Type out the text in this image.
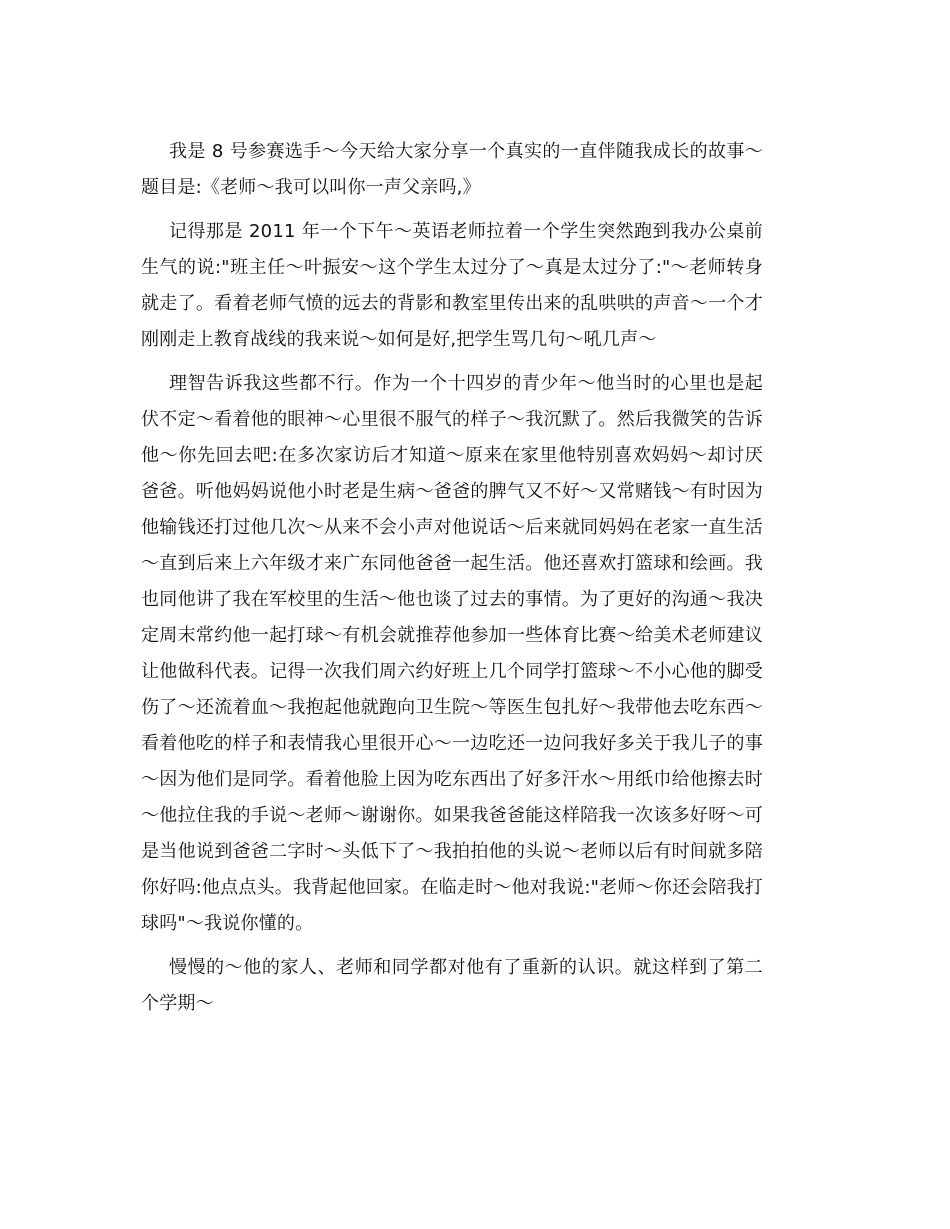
我是 8 号参赛选手～今天给大家分享一个真实的一直伴随我成长的故事～题目是:《老师～我可以叫你一声父亲吗,》

记得那是 2011 年一个下午～英语老师拉着一个学生突然跑到我办公桌前生气的说:"班主任～叶振安～这个学生太过分了～真是太过分了:"～老师转身就走了。看着老师气愤的远去的背影和教室里传出来的乱哄哄的声音～一个才刚刚走上教育战线的我来说～如何是好,把学生骂几句～吼几声～

理智告诉我这些都不行。作为一个十四岁的青少年～他当时的心里也是起伏不定～看着他的眼神～心里很不服气的样子～我沉默了。然后我微笑的告诉他～你先回去吧:在多次家访后才知道～原来在家里他特别喜欢妈妈～却讨厌爸爸。听他妈妈说他小时老是生病～爸爸的脾气又不好～又常赌钱～有时因为他输钱还打过他几次～从来不会小声对他说话～后来就同妈妈在老家一直生活～直到后来上六年级才来广东同他爸爸一起生活。他还喜欢打篮球和绘画。我也同他讲了我在军校里的生活～他也谈了过去的事情。为了更好的沟通～我决定周末常约他一起打球～有机会就推荐他参加一些体育比赛～给美术老师建议让他做科代表。记得一次我们周六约好班上几个同学打篮球～不小心他的脚受伤了～还流着血～我抱起他就跑向卫生院～等医生包扎好～我带他去吃东西～看着他吃的样子和表情我心里很开心～一边吃还一边问我好多关于我儿子的事～因为他们是同学。看着他脸上因为吃东西出了好多汗水～用纸巾给他擦去时～他拉住我的手说～老师～谢谢你。如果我爸爸能这样陪我一次该多好呀～可是当他说到爸爸二字时～头低下了～我拍拍他的头说～老师以后有时间就多陪你好吗:他点点头。我背起他回家。在临走时～他对我说:"老师～你还会陪我打球吗"～我说你懂的。

慢慢的～他的家人、老师和同学都对他有了重新的认识。就这样到了第二个学期～
